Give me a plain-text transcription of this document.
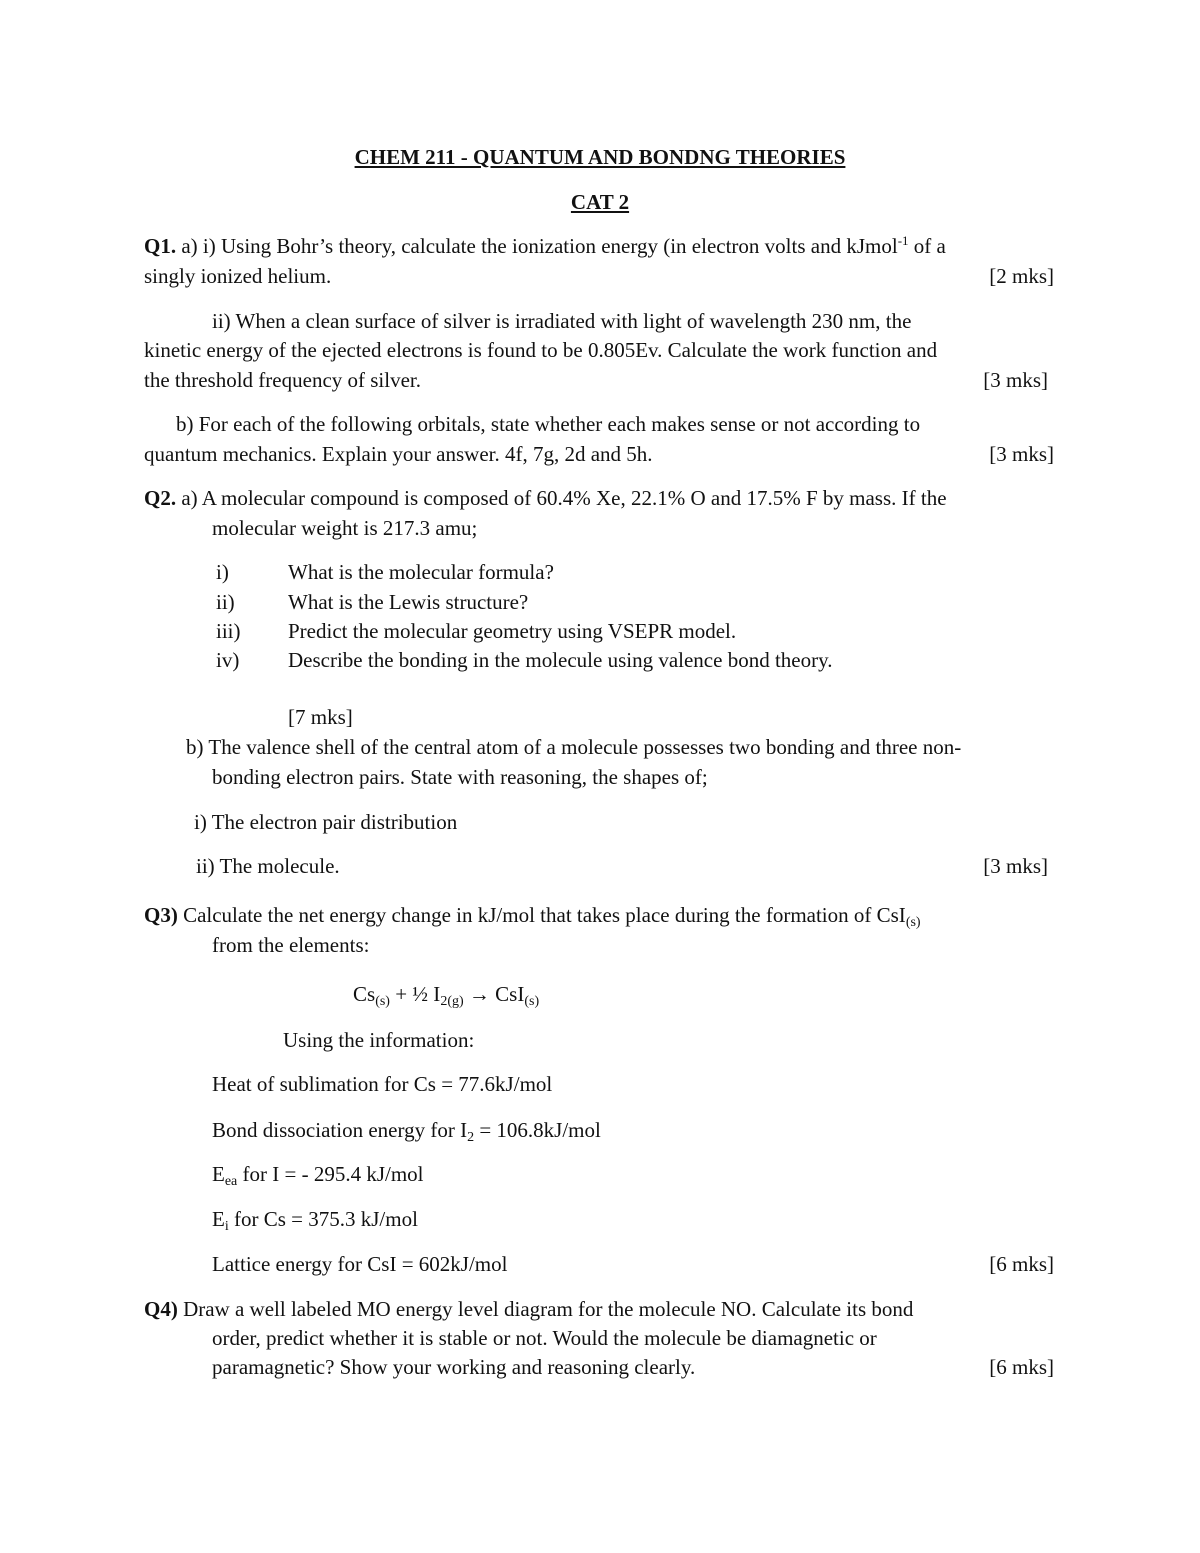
CHEM 211 - QUANTUM AND BONDNG THEORIES
CAT 2
Q1. a) i) Using Bohr’s theory, calculate the ionization energy (in electron volts and kJmol$^{-1}$ of a
singly ionized helium.	[2 mks]
ii) When a clean surface of silver is irradiated with light of wavelength 230 nm, the
kinetic energy of the ejected electrons is found to be 0.805Ev. Calculate the work function and
the threshold frequency of silver.	[3 mks]
b) For each of the following orbitals, state whether each makes sense or not according to
quantum mechanics. Explain your answer. 4f, 7g, 2d and 5h.	[3 mks]
Q2. a) A molecular compound is composed of 60.4% Xe, 22.1% O and 17.5% F by mass. If the
molecular weight is 217.3 amu;
i)	What is the molecular formula?
ii)	What is the Lewis structure?
iii) Predict the molecular geometry using VSEPR model.
iv) Describe the bonding in the molecule using valence bond theory.
[7 mks]
b) The valence shell of the central atom of a molecule possesses two bonding and three non-
bonding electron pairs. State with reasoning, the shapes of;
i) The electron pair distribution
ii) The molecule.	[3 mks]
Q3) Calculate the net energy change in kJ/mol that takes place during the formation of CsI$_{(s)}$
from the elements:
$Cs_{(s)}$ + ½ $I_{2(g)} \to CsI_{(s)}$
Using the information:
Heat of sublimation for Cs = 77.6kJ/mol
Bond dissociation energy for $I_2 = 106.8kJ/mol$
$E_{ea}$ for I = - 295.4 kJ/mol
$E_i$ for Cs = 375.3 kJ/mol
Lattice energy for CsI = 602kJ/mol	[6 mks]
Q4) Draw a well labeled MO energy level diagram for the molecule NO. Calculate its bond
order, predict whether it is stable or not. Would the molecule be diamagnetic or
paramagnetic? Show your working and reasoning clearly.	[6 mks]
